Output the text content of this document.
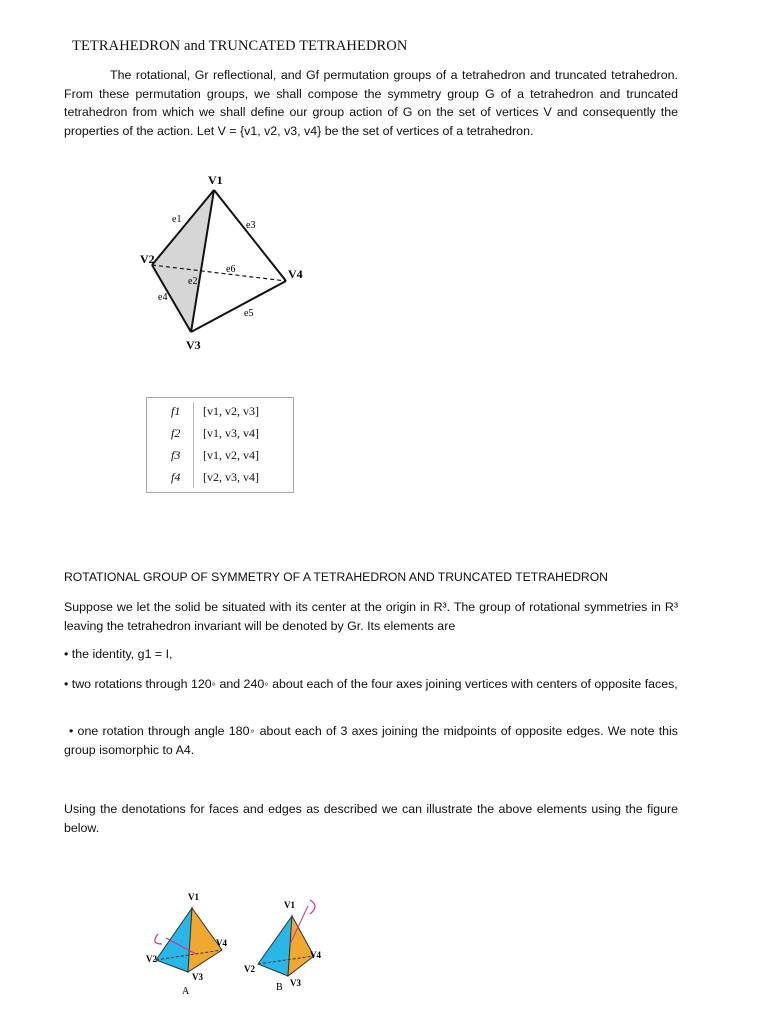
TETRAHEDRON and TRUNCATED TETRAHEDRON
The rotational, Gr reflectional, and Gf permutation groups of a tetrahedron and truncated tetrahedron. From these permutation groups, we shall compose the symmetry group G of a tetrahedron and truncated tetrahedron from which we shall define our group action of G on the set of vertices V and consequently the properties of the action. Let V = {v1, v2, v3, v4} be the set of vertices of a tetrahedron.
V1
V2
V3
V4
e1
e2
e3
e4
e5
e6
f1 [v1, v2, v3]
f2 [v1, v3, v4]
f3 [v1, v2, v4]
f4 [v2, v3, v4]
ROTATIONAL GROUP OF SYMMETRY OF A TETRAHEDRON AND TRUNCATED TETRAHEDRON
Suppose we let the solid be situated with its center at the origin in R³. The group of rotational symmetries in R³ leaving the tetrahedron invariant will be denoted by Gr. Its elements are
• the identity, g1 = I,
• two rotations through 120◦ and 240◦ about each of the four axes joining vertices with centers of opposite faces,
• one rotation through angle 180◦ about each of 3 axes joining the midpoints of opposite edges. We note this group isomorphic to A4.
Using the denotations for faces and edges as described we can illustrate the above elements using the figure below.
V1
V2
V3
V4
V1
V2
V3
V4
A	B
